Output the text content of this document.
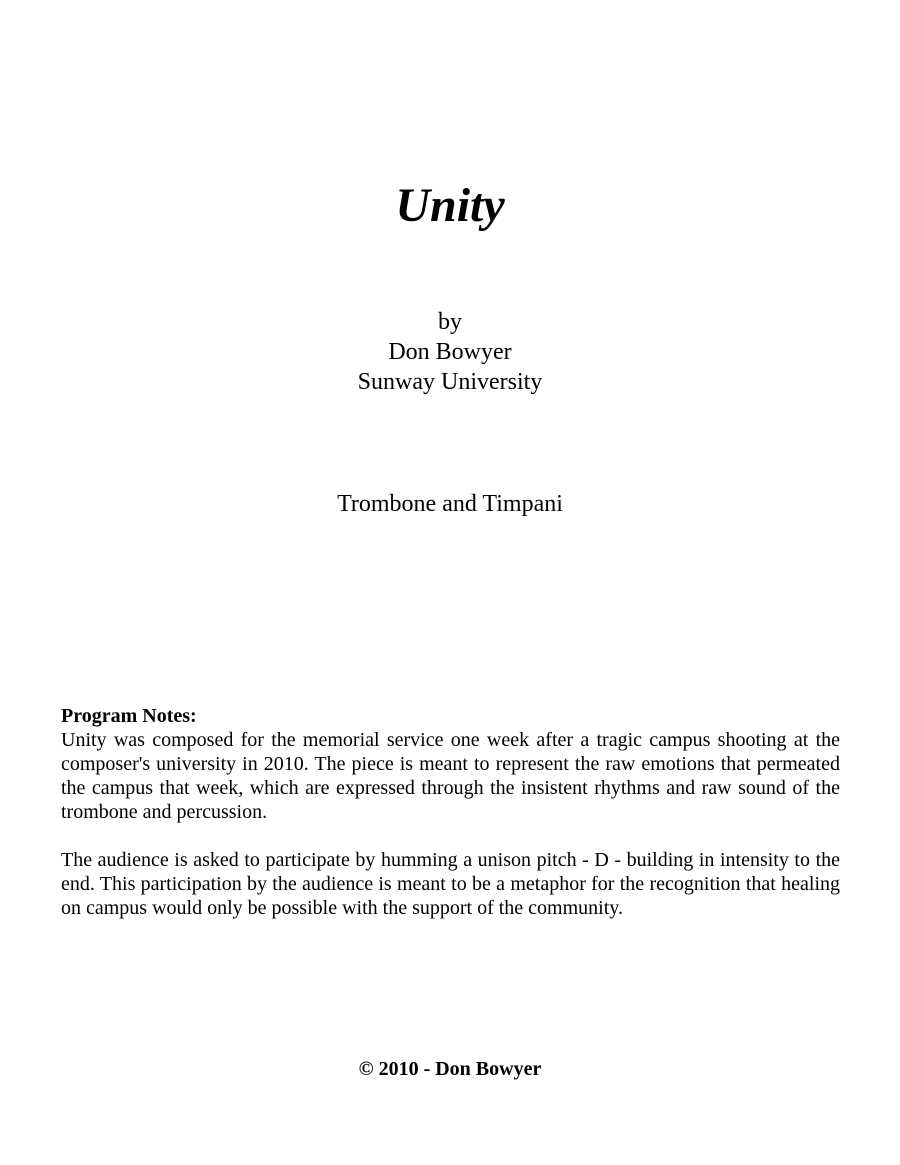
Unity
by
Don Bowyer
Sunway University
Trombone and Timpani
Program Notes:

Unity was composed for the memorial service one week after a tragic campus shooting at the composer's university in 2010. The piece is meant to represent the raw emotions that permeated the campus that week, which are expressed through the insistent rhythms and raw sound of the trombone and percussion.

The audience is asked to participate by humming a unison pitch - D - building in intensity to the end. This participation by the audience is meant to be a metaphor for the recognition that healing on campus would only be possible with the support of the community.

© 2010 - Don Bowyer
